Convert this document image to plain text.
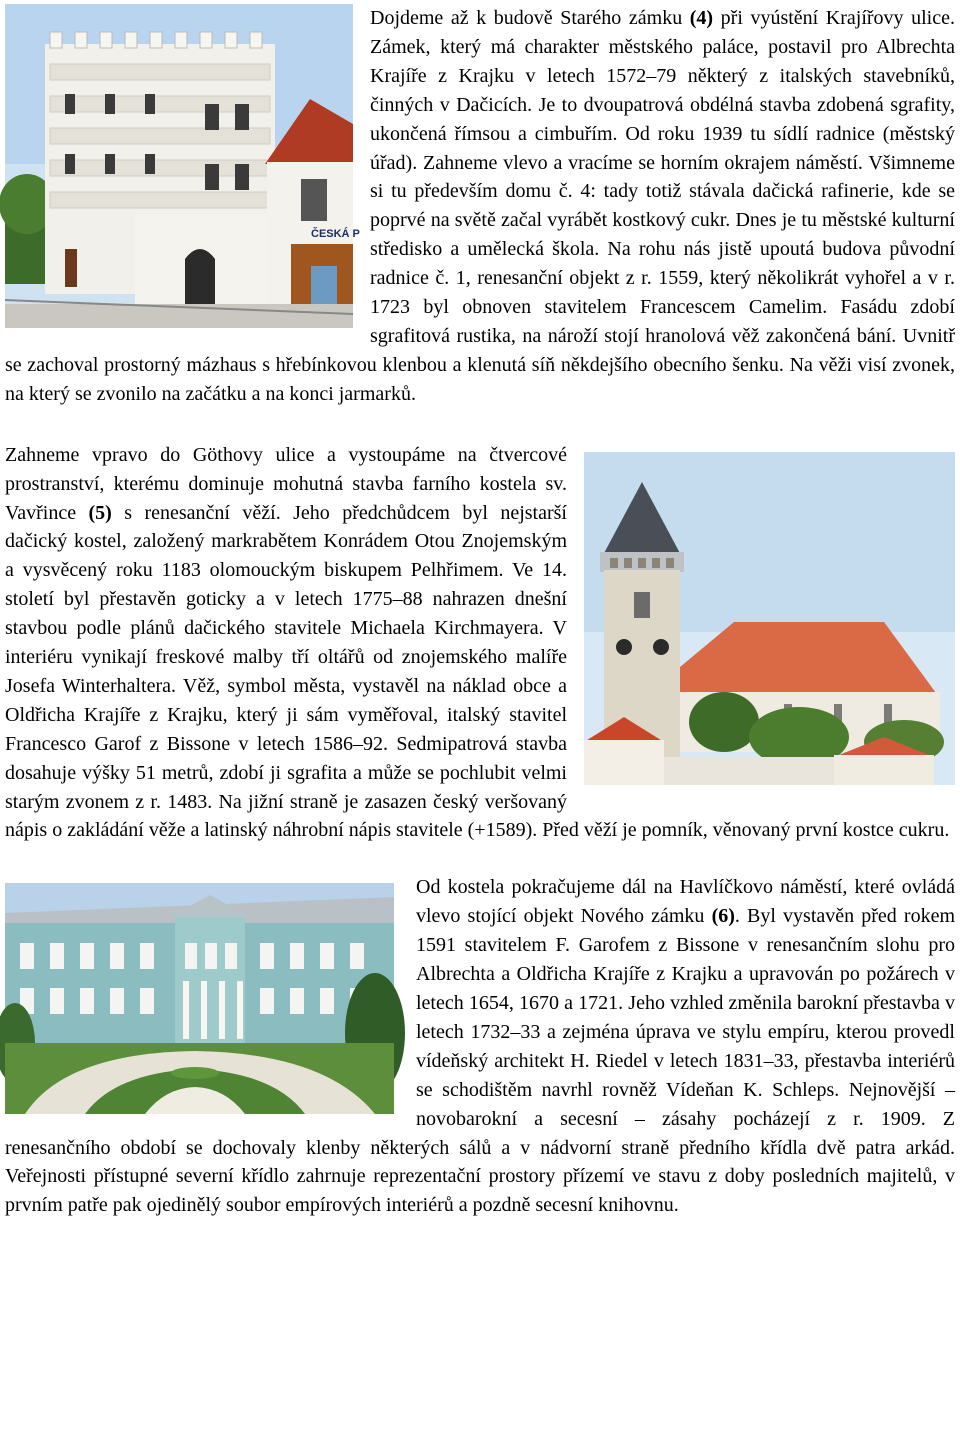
ČESKÁ P

Dojdeme až k budově Starého zámku (4) při vyústění Krajířovy ulice. Zámek, který má charakter městského paláce, postavil pro Albrechta Krajíře z Krajku v letech 1572–79 některý z italských stavebníků, činných v Dačicích. Je to dvoupatrová obdélná stavba zdobená sgrafity, ukončená římsou a cimbuřím. Od roku 1939 tu sídlí radnice (městský úřad). Zahneme vlevo a vracíme se horním okrajem náměstí. Všimneme si tu především domu č. 4: tady totiž stávala dačická rafinerie, kde se poprvé na světě začal vyrábět kostkový cukr. Dnes je tu městské kulturní středisko a umělecká škola. Na rohu nás jistě upoutá budova původní radnice č. 1, renesanční objekt z r. 1559, který několikrát vyhořel a v r. 1723 byl obnoven stavitelem Francescem Camelim. Fasádu zdobí sgrafitová rustika, na nároží stojí hranolová věž zakončená bání. Uvnitř se zachoval prostorný mázhaus s hřebínkovou klenbou a klenutá síň někdejšího obecního šenku. Na věži visí zvonek, na který se zvonilo na začátku a na konci jarmarků.

Zahneme vpravo do Göthovy ulice a vystoupáme na čtvercové prostranství, kterému dominuje mohutná stavba farního kostela sv. Vavřince (5) s renesanční věží. Jeho předchůdcem byl nejstarší dačický kostel, založený markrabětem Konrádem Otou Znojemským a vysvěcený roku 1183 olomouckým biskupem Pelhřimem. Ve 14. století byl přestavěn goticky a v letech 1775–88 nahrazen dnešní stavbou podle plánů dačického stavitele Michaela Kirchmayera. V interiéru vynikají freskové malby tří oltářů od znojemského malíře Josefa Winterhaltera. Věž, symbol města, vystavěl na náklad obce a Oldřicha Krajíře z Krajku, který ji sám vyměřoval, italský stavitel Francesco Garof z Bissone v letech 1586–92. Sedmipatrová stavba dosahuje výšky 51 metrů, zdobí ji sgrafita a může se pochlubit velmi starým zvonem z r. 1483. Na jižní straně je zasazen český veršovaný nápis o zakládání věže a latinský náhrobní nápis stavitele (+1589). Před věží je pomník, věnovaný první kostce cukru.

Od kostela pokračujeme dál na Havlíčkovo náměstí, které ovládá vlevo stojící objekt Nového zámku (6). Byl vystavěn před rokem 1591 stavitelem F. Garofem z Bissone v renesančním slohu pro Albrechta a Oldřicha Krajíře z Krajku a upravován po požárech v letech 1654, 1670 a 1721. Jeho vzhled změnila barokní přestavba v letech 1732–33 a zejména úprava ve stylu empíru, kterou provedl vídeňský architekt H. Riedel v letech 1831–33, přestavba interiérů se schodištěm navrhl rovněž Vídeňan K. Schleps. Nejnovější – novobarokní a secesní – zásahy pocházejí z r. 1909. Z renesančního období se dochovaly klenby některých sálů a v nádvorní straně předního křídla dvě patra arkád. Veřejnosti přístupné severní křídlo zahrnuje reprezentační prostory přízemí ve stavu z doby posledních majitelů, v prvním patře pak ojedinělý soubor empírových interiérů a pozdně secesní knihovnu.
